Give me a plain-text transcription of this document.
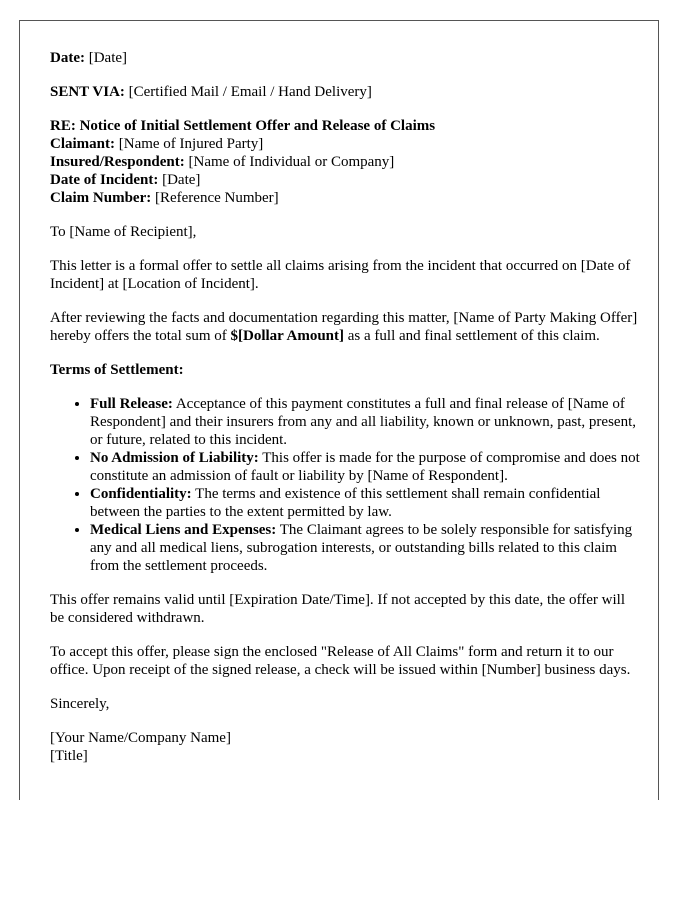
Date: [Date]

SENT VIA: [Certified Mail / Email / Hand Delivery]

RE: Notice of Initial Settlement Offer and Release of Claims

Claimant: [Name of Injured Party]

Insured/Respondent: [Name of Individual or Company]

Date of Incident: [Date]

Claim Number: [Reference Number]

To [Name of Recipient],

This letter is a formal offer to settle all claims arising from the incident that occurred on [Date of Incident] at [Location of Incident].

After reviewing the facts and documentation regarding this matter, [Name of Party Making Offer] hereby offers the total sum of $[Dollar Amount] as a full and final settlement of this claim.

Terms of Settlement:

• Full Release: Acceptance of this payment constitutes a full and final release of [Name of Respondent] and their insurers from any and all liability, known or unknown, past, present, or future, related to this incident.
• No Admission of Liability: This offer is made for the purpose of compromise and does not constitute an admission of fault or liability by [Name of Respondent].
• Confidentiality: The terms and existence of this settlement shall remain confidential between the parties to the extent permitted by law.
• Medical Liens and Expenses: The Claimant agrees to be solely responsible for satisfying any and all medical liens, subrogation interests, or outstanding bills related to this claim from the settlement proceeds.

This offer remains valid until [Expiration Date/Time]. If not accepted by this date, the offer will be considered withdrawn.

To accept this offer, please sign the enclosed "Release of All Claims" form and return it to our office. Upon receipt of the signed release, a check will be issued within [Number] business days.

Sincerely,

[Your Name/Company Name]

[Title]
